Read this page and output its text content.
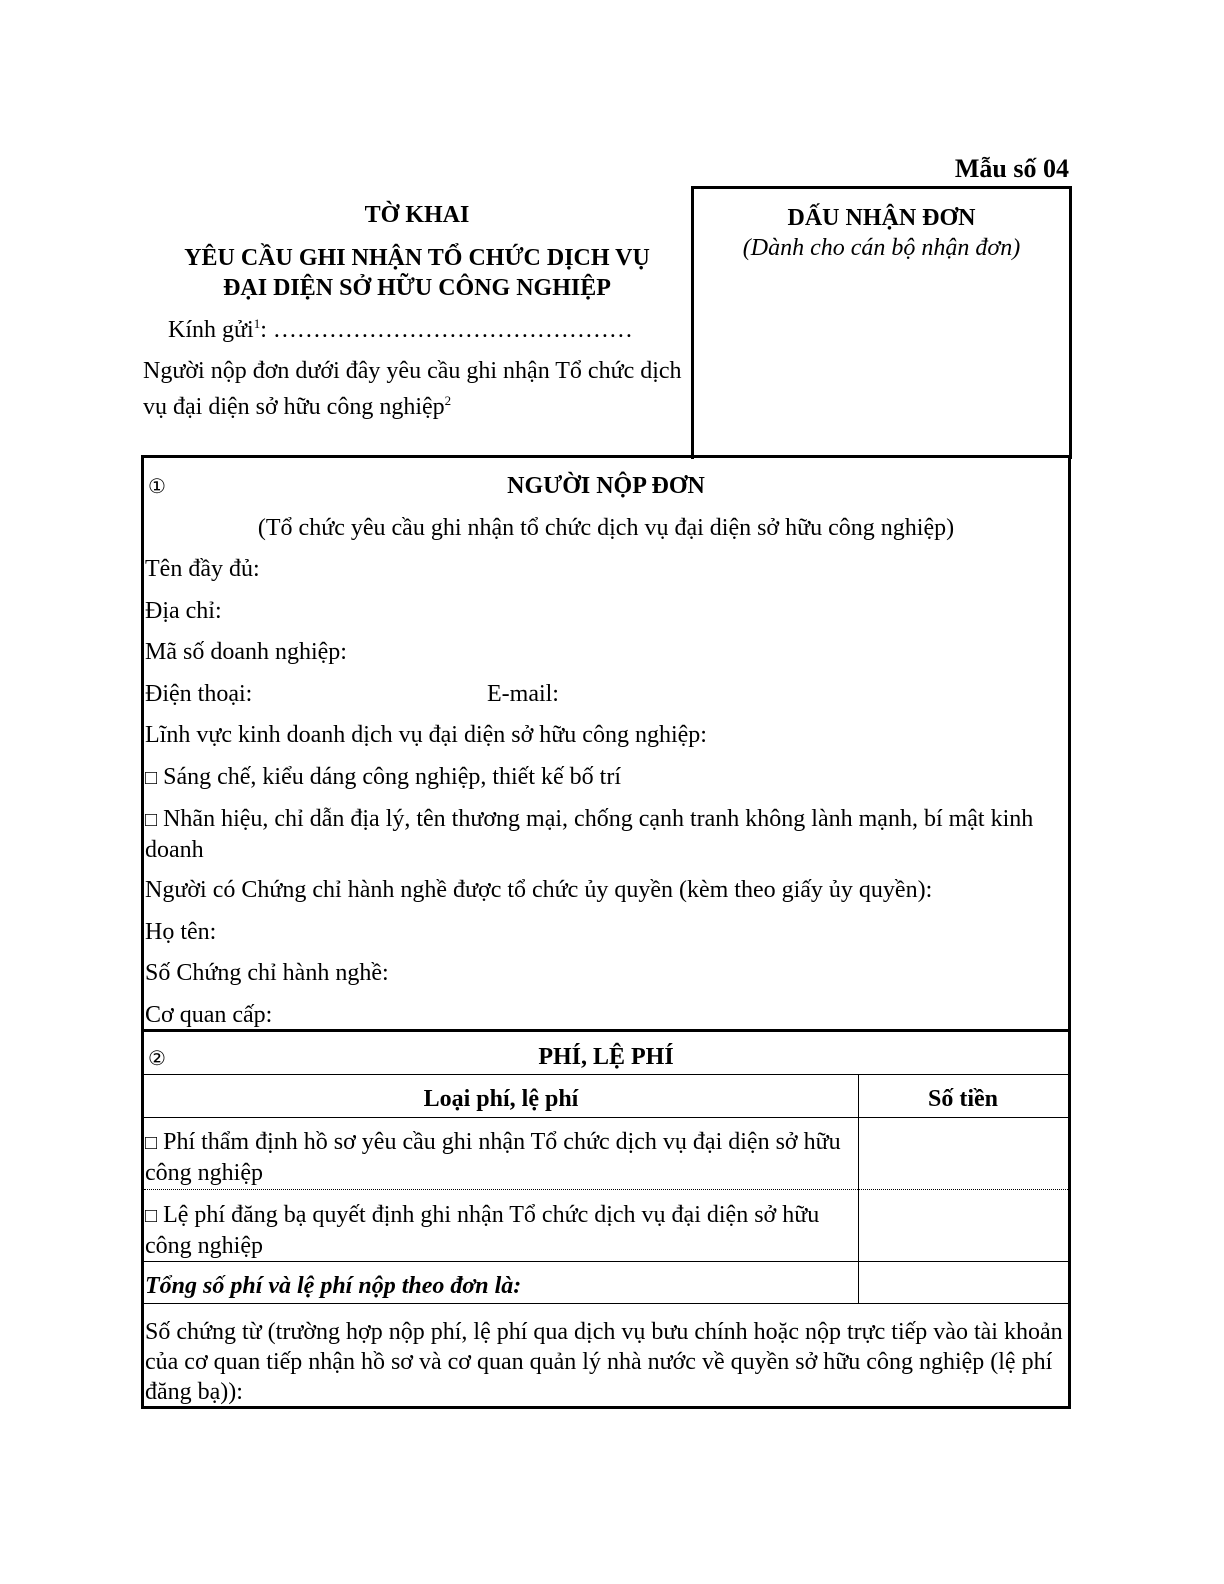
Mẫu số 04
TỜ KHAI
YÊU CẦU GHI NHẬN TỔ CHỨC DỊCH VỤ
ĐẠI DIỆN SỞ HỮU CÔNG NGHIỆP
Kính gửi$^1$: ………………………………………
Người nộp đơn dưới đây yêu cầu ghi nhận Tổ chức dịch vụ đại diện sở hữu công nghiệp$^2$
DẤU NHẬN ĐƠN
(Dành cho cán bộ nhận đơn)
①	NGƯỜI NỘP ĐƠN
(Tổ chức yêu cầu ghi nhận tổ chức dịch vụ đại diện sở hữu công nghiệp)
Tên đầy đủ:
Địa chỉ:
Mã số doanh nghiệp:
Điện thoại:	E-mail:
Lĩnh vực kinh doanh dịch vụ đại diện sở hữu công nghiệp:
□ Sáng chế, kiểu dáng công nghiệp, thiết kế bố trí
□ Nhãn hiệu, chỉ dẫn địa lý, tên thương mại, chống cạnh tranh không lành mạnh, bí mật kinh doanh
Người có Chứng chỉ hành nghề được tổ chức ủy quyền (kèm theo giấy ủy quyền):
Họ tên:
Số Chứng chỉ hành nghề:
Cơ quan cấp:
②	PHÍ, LỆ PHÍ
Loại phí, lệ phí	Số tiền
□ Phí thẩm định hồ sơ yêu cầu ghi nhận Tổ chức dịch vụ đại diện sở hữu công nghiệp
□ Lệ phí đăng bạ quyết định ghi nhận Tổ chức dịch vụ đại diện sở hữu công nghiệp
Tổng số phí và lệ phí nộp theo đơn là:
Số chứng từ (trường hợp nộp phí, lệ phí qua dịch vụ bưu chính hoặc nộp trực tiếp vào tài khoản của cơ quan tiếp nhận hồ sơ và cơ quan quản lý nhà nước về quyền sở hữu công nghiệp (lệ phí đăng bạ)):
